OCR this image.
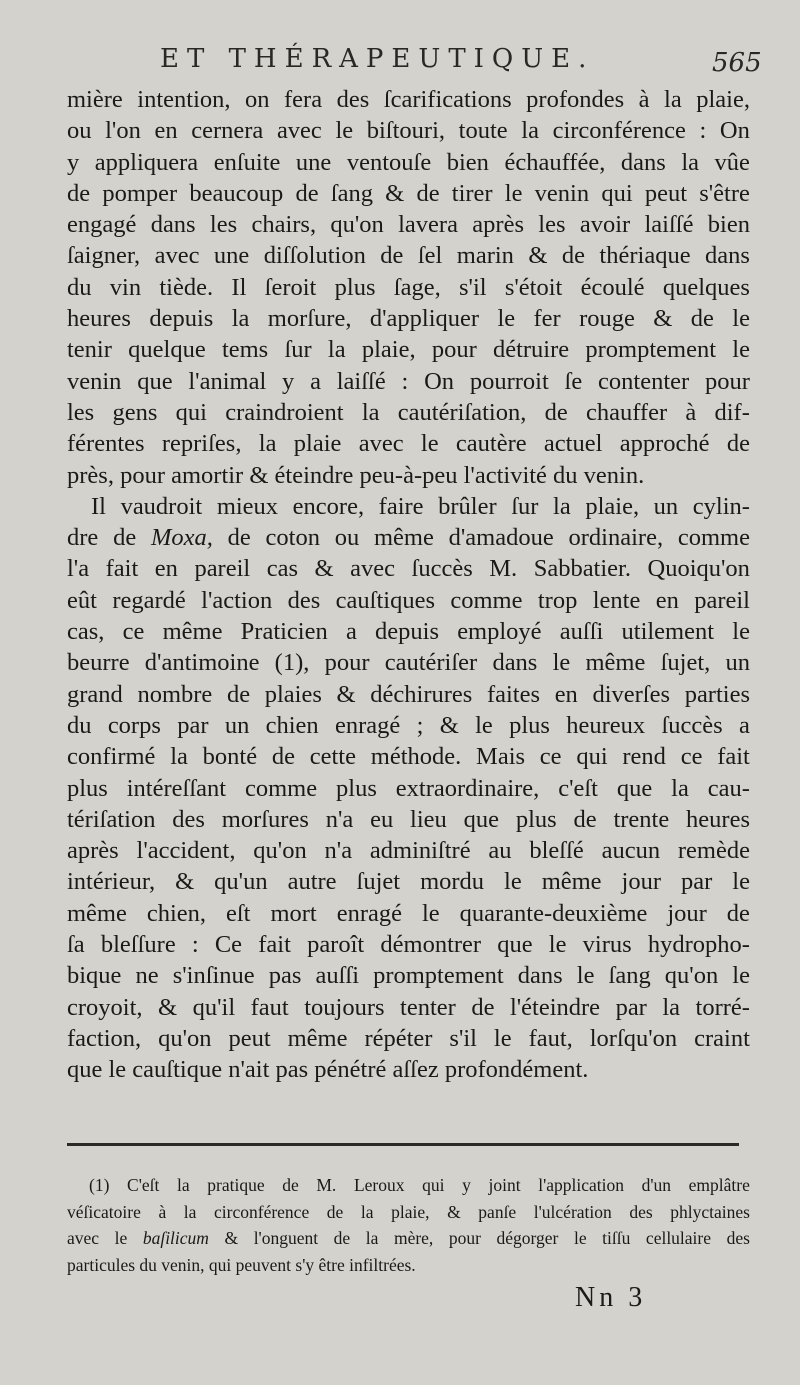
ET THÉRAPEUTIQUE.	565
mière intention, on fera des ſcarifications profondes à la plaie,
ou l'on en cernera avec le biſtouri, toute la circonférence : On
y appliquera enſuite une ventouſe bien échauffée, dans la vûe
de pomper beaucoup de ſang & de tirer le venin qui peut s'être
engagé dans les chairs, qu'on lavera après les avoir laiſſé bien
ſaigner, avec une diſſolution de ſel marin & de thériaque dans
du vin tiède. Il ſeroit plus ſage, s'il s'étoit écoulé quelques
heures depuis la morſure, d'appliquer le fer rouge & de le
tenir quelque tems ſur la plaie, pour détruire promptement le
venin que l'animal y a laiſſé : On pourroit ſe contenter pour
les gens qui craindroient la cautériſation, de chauffer à dif-
férentes repriſes, la plaie avec le cautère actuel approché de
près, pour amortir & éteindre peu-à-peu l'activité du venin.
Il vaudroit mieux encore, faire brûler ſur la plaie, un cylin-
dre de Moxa, de coton ou même d'amadoue ordinaire, comme
l'a fait en pareil cas & avec ſuccès M. Sabbatier. Quoiqu'on
eût regardé l'action des cauſtiques comme trop lente en pareil
cas, ce même Praticien a depuis employé auſſi utilement le
beurre d'antimoine (1), pour cautériſer dans le même ſujet, un
grand nombre de plaies & déchirures faites en diverſes parties
du corps par un chien enragé ; & le plus heureux ſuccès a
confirmé la bonté de cette méthode. Mais ce qui rend ce fait
plus intéreſſant comme plus extraordinaire, c'eſt que la cau-
tériſation des morſures n'a eu lieu que plus de trente heures
après l'accident, qu'on n'a adminiſtré au bleſſé aucun remède
intérieur, & qu'un autre ſujet mordu le même jour par le
même chien, eſt mort enragé le quarante-deuxième jour de
ſa bleſſure : Ce fait paroît démontrer que le virus hydropho-
bique ne s'inſinue pas auſſi promptement dans le ſang qu'on le
croyoit, & qu'il faut toujours tenter de l'éteindre par la torré-
faction, qu'on peut même répéter s'il le faut, lorſqu'on craint
que le cauſtique n'ait pas pénétré aſſez profondément.
(1) C'eſt la pratique de M. Leroux qui y joint l'application d'un emplâtre
véſicatoire à la circonférence de la plaie, & panſe l'ulcération des phlyctaines
avec le baſilicum & l'onguent de la mère, pour dégorger le tiſſu cellulaire des
particules du venin, qui peuvent s'y être infiltrées.
Nn 3
